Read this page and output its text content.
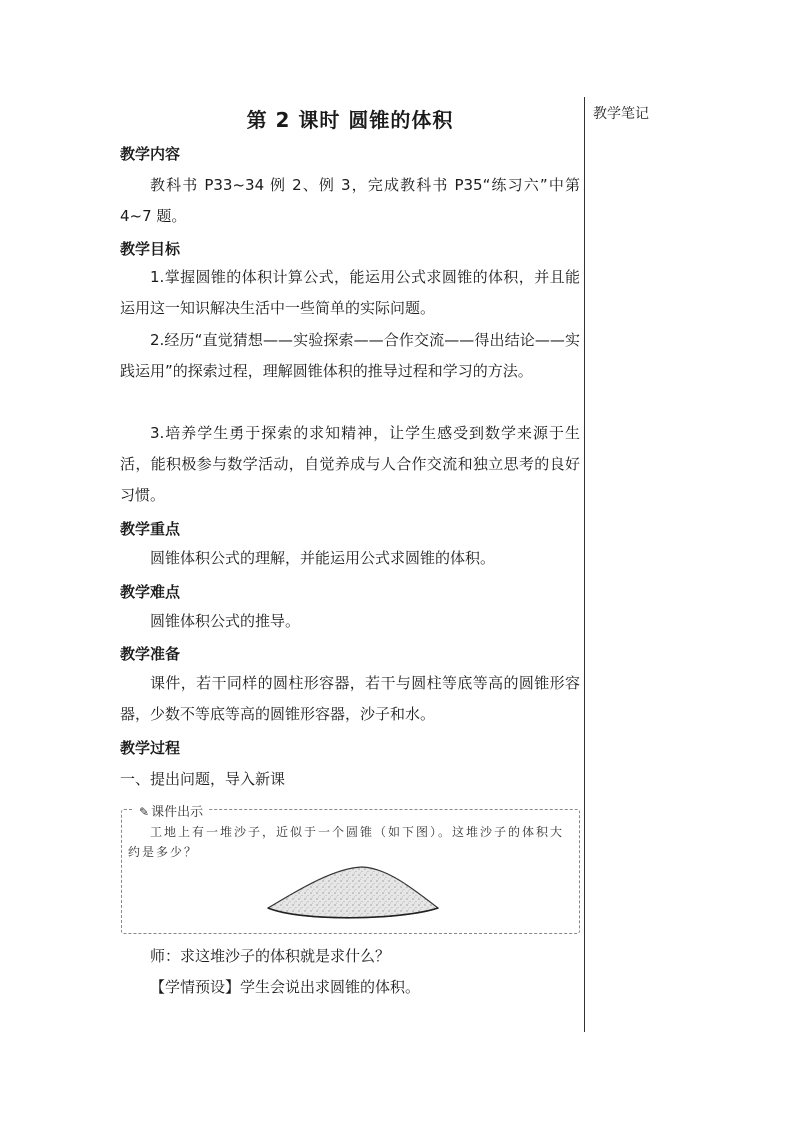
教学笔记
第 2 课时 圆锥的体积
教学内容
教科书 P33~34 例 2、例 3，完成教科书 P35“练习六”中第 4~7 题。
教学目标
1.掌握圆锥的体积计算公式，能运用公式求圆锥的体积，并且能运用这一知识解决生活中一些简单的实际问题。
2.经历“直觉猜想——实验探索——合作交流——得出结论——实践运用”的探索过程，理解圆锥体积的推导过程和学习的方法。
3.培养学生勇于探索的求知精神，让学生感受到数学来源于生活，能积极参与数学活动，自觉养成与人合作交流和独立思考的良好习惯。
教学重点
圆锥体积公式的理解，并能运用公式求圆锥的体积。
教学难点
圆锥体积公式的推导。
教学准备
课件，若干同样的圆柱形容器，若干与圆柱等底等高的圆锥形容器，少数不等底等高的圆锥形容器，沙子和水。
教学过程
一、提出问题，导入新课
师：求这堆沙子的体积就是求什么？
【学情预设】学生会说出求圆锥的体积。
✎ 课件出示
工地上有一堆沙子，近似于一个圆锥（如下图）。这堆沙子的体积大约是多少？
